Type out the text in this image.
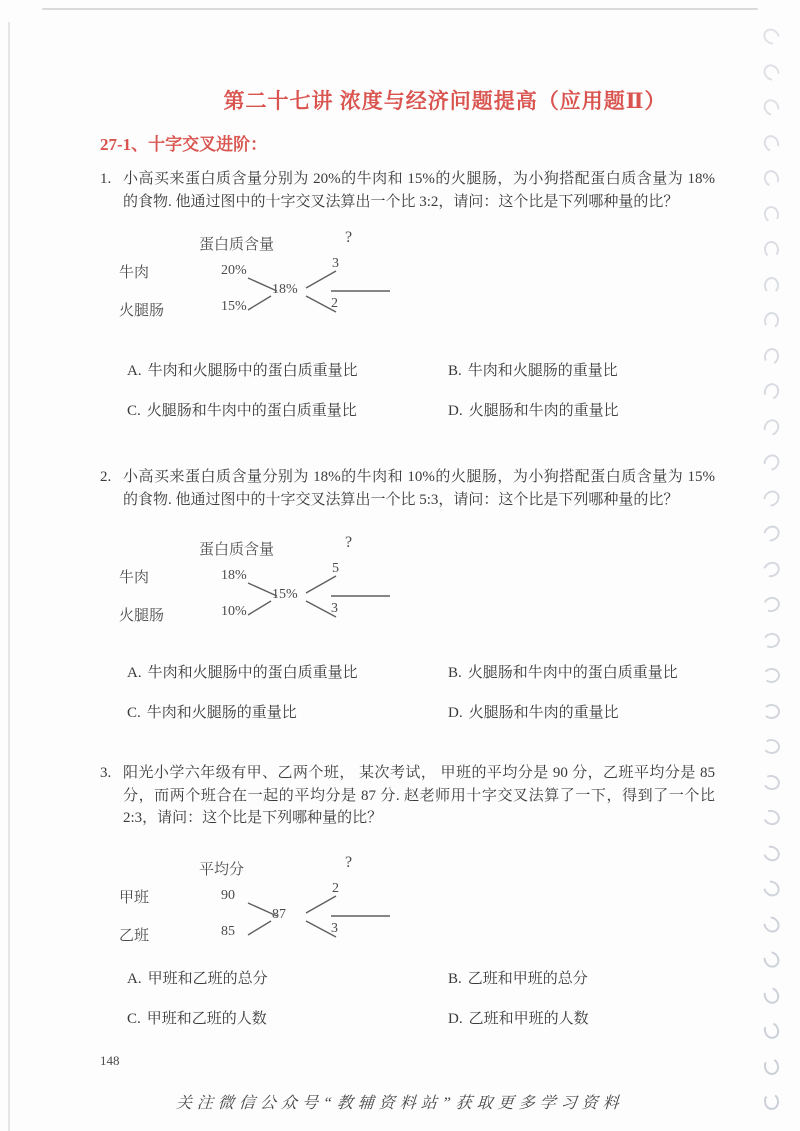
第二十七讲 浓度与经济问题提高（应用题Ⅱ）
27-1、十字交叉进阶：
1. 小高买来蛋白质含量分别为 20%的牛肉和 15%的火腿肠，为小狗搭配蛋白质含量为 18% 的食物. 他通过图中的十字交叉法算出一个比 3:2，请问：这个比是下列哪种量的比？
蛋白质含量	?
牛肉
火腿肠
20%
15%
18%
3
2
A. 牛肉和火腿肠中的蛋白质重量比	B. 牛肉和火腿肠的重量比
C. 火腿肠和牛肉中的蛋白质重量比	D. 火腿肠和牛肉的重量比
2. 小高买来蛋白质含量分别为 18%的牛肉和 10%的火腿肠，为小狗搭配蛋白质含量为 15% 的食物. 他通过图中的十字交叉法算出一个比 5:3，请问：这个比是下列哪种量的比？
蛋白质含量	?
牛肉
火腿肠
18%
10%
15%
5
3
A. 牛肉和火腿肠中的蛋白质重量比	B. 火腿肠和牛肉中的蛋白质重量比
C. 牛肉和火腿肠的重量比	D. 火腿肠和牛肉的重量比
3. 阳光小学六年级有甲、乙两个班， 某次考试， 甲班的平均分是 90 分，乙班平均分是 85 分，而两个班合在一起的平均分是 87 分. 赵老师用十字交叉法算了一下，得到了一个比 2:3，请问：这个比是下列哪种量的比？
平均分	?
甲班
乙班
90
85
87
2
3
A. 甲班和乙班的总分	B. 乙班和甲班的总分
C. 甲班和乙班的人数	D. 乙班和甲班的人数
148
关注微信公众号“教辅资料站”获取更多学习资料
